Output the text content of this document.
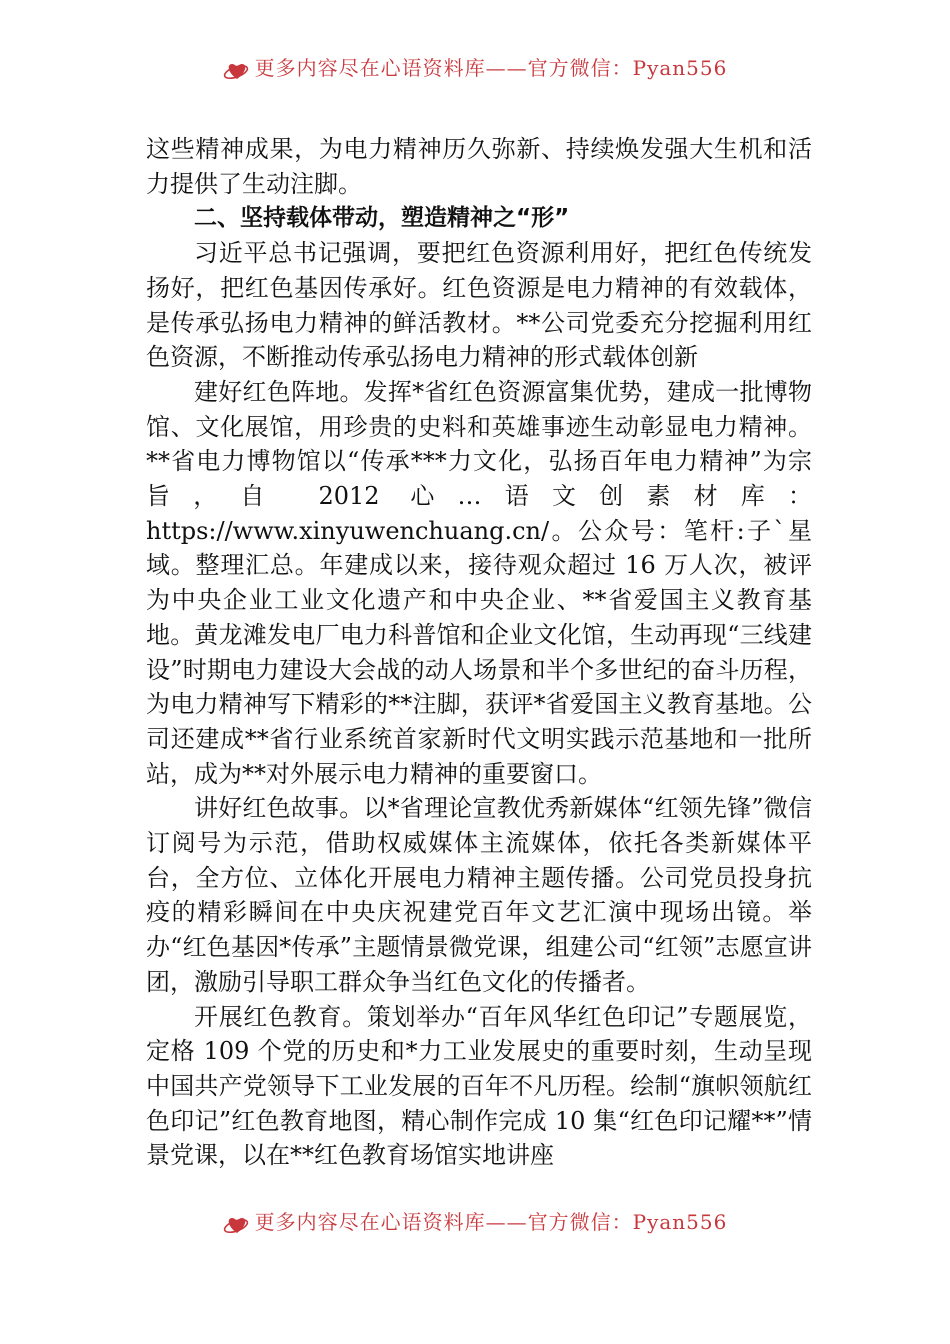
更多内容尽在心语资料库——官方微信：Pyan556

这些精神成果，为电力精神历久弥新、持续焕发强大生机和活力提供了生动注脚。

二、坚持载体带动，塑造精神之“形”

习近平总书记强调，要把红色资源利用好，把红色传统发扬好，把红色基因传承好。红色资源是电力精神的有效载体，是传承弘扬电力精神的鲜活教材。**公司党委充分挖掘利用红色资源，不断推动传承弘扬电力精神的形式载体创新

建好红色阵地。发挥*省红色资源富集优势，建成一批博物馆、文化展馆，用珍贵的史料和英雄事迹生动彰显电力精神。**省电力博物馆以“传承***力文化，弘扬百年电力精神”为宗旨，自 2012 心…语文创素材库：https://www.xinyuwenchuang.cn/。公众号：笔杆:子`星域。整理汇总。年建成以来，接待观众超过 16 万人次，被评为中央企业工业文化遗产和中央企业、**省爱国主义教育基地。黄龙滩发电厂电力科普馆和企业文化馆，生动再现“三线建设”时期电力建设大会战的动人场景和半个多世纪的奋斗历程，为电力精神写下精彩的**注脚，获评*省爱国主义教育基地。公司还建成**省行业系统首家新时代文明实践示范基地和一批所站，成为**对外展示电力精神的重要窗口。

讲好红色故事。以*省理论宣教优秀新媒体“红领先锋”微信订阅号为示范，借助权威媒体主流媒体，依托各类新媒体平台，全方位、立体化开展电力精神主题传播。公司党员投身抗疫的精彩瞬间在中央庆祝建党百年文艺汇演中现场出镜。举办“红色基因*传承”主题情景微党课，组建公司“红领”志愿宣讲团，激励引导职工群众争当红色文化的传播者。

开展红色教育。策划举办“百年风华红色印记”专题展览，定格 109 个党的历史和*力工业发展史的重要时刻，生动呈现中国共产党领导下工业发展的百年不凡历程。绘制“旗帜领航红色印记”红色教育地图，精心制作完成 10 集“红色印记耀**”情景党课，以在**红色教育场馆实地讲座

更多内容尽在心语资料库——官方微信：Pyan556
